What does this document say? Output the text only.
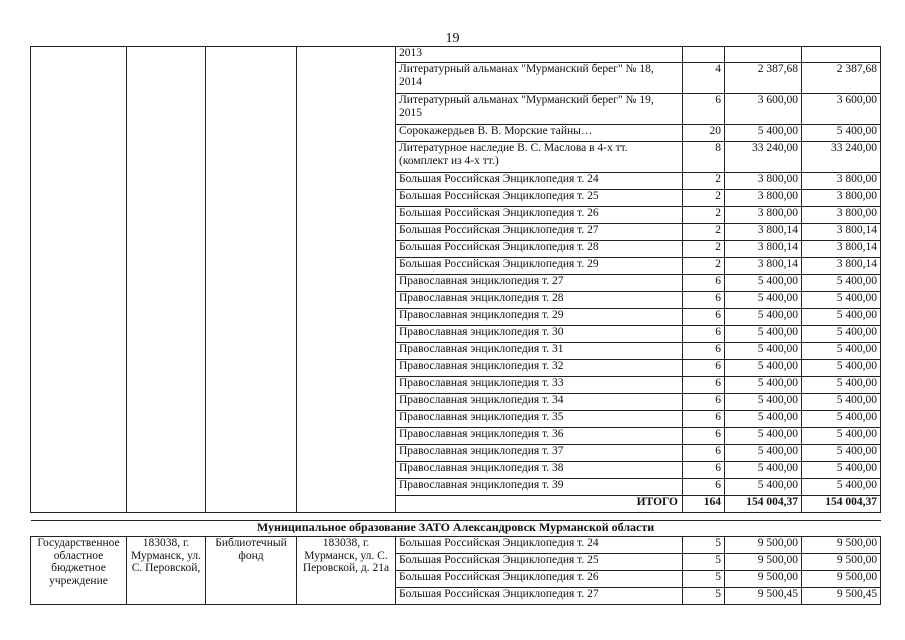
19
				2013			
				Литературный альманах "Мурманский берег" № 18, 2014	4	2 387,68	2 387,68
				Литературный альманах "Мурманский берег" № 19, 2015	6	3 600,00	3 600,00
				Сорокажердьев В. В. Морские тайны…	20	5 400,00	5 400,00
				Литературное наследие В. С. Маслова в 4-х тт. (комплект из 4-х тт.)	8	33 240,00	33 240,00
				Большая Российская Энциклопедия т. 24	2	3 800,00	3 800,00
				Большая Российская Энциклопедия т. 25	2	3 800,00	3 800,00
				Большая Российская Энциклопедия т. 26	2	3 800,00	3 800,00
				Большая Российская Энциклопедия т. 27	2	3 800,14	3 800,14
				Большая Российская Энциклопедия т. 28	2	3 800,14	3 800,14
				Большая Российская Энциклопедия т. 29	2	3 800,14	3 800,14
				Православная энциклопедия т. 27	6	5 400,00	5 400,00
				Православная энциклопедия т. 28	6	5 400,00	5 400,00
				Православная энциклопедия т. 29	6	5 400,00	5 400,00
				Православная энциклопедия т. 30	6	5 400,00	5 400,00
				Православная энциклопедия т. 31	6	5 400,00	5 400,00
				Православная энциклопедия т. 32	6	5 400,00	5 400,00
				Православная энциклопедия т. 33	6	5 400,00	5 400,00
				Православная энциклопедия т. 34	6	5 400,00	5 400,00
				Православная энциклопедия т. 35	6	5 400,00	5 400,00
				Православная энциклопедия т. 36	6	5 400,00	5 400,00
				Православная энциклопедия т. 37	6	5 400,00	5 400,00
				Православная энциклопедия т. 38	6	5 400,00	5 400,00
				Православная энциклопедия т. 39	6	5 400,00	5 400,00
				ИТОГО	164	154 004,37	154 004,37
Муниципальное образование ЗАТО Александровск Мурманской области							
Государственное областное бюджетное учреждение	183038, г. Мурманск, ул. С. Перовской,	Библиотечный фонд	183038, г. Мурманск, ул. С. Перовской, д. 21а	Большая Российская Энциклопедия т. 24	5	9 500,00	9 500,00
				Большая Российская Энциклопедия т. 25	5	9 500,00	9 500,00
				Большая Российская Энциклопедия т. 26	5	9 500,00	9 500,00
				Большая Российская Энциклопедия т. 27	5	9 500,45	9 500,45
